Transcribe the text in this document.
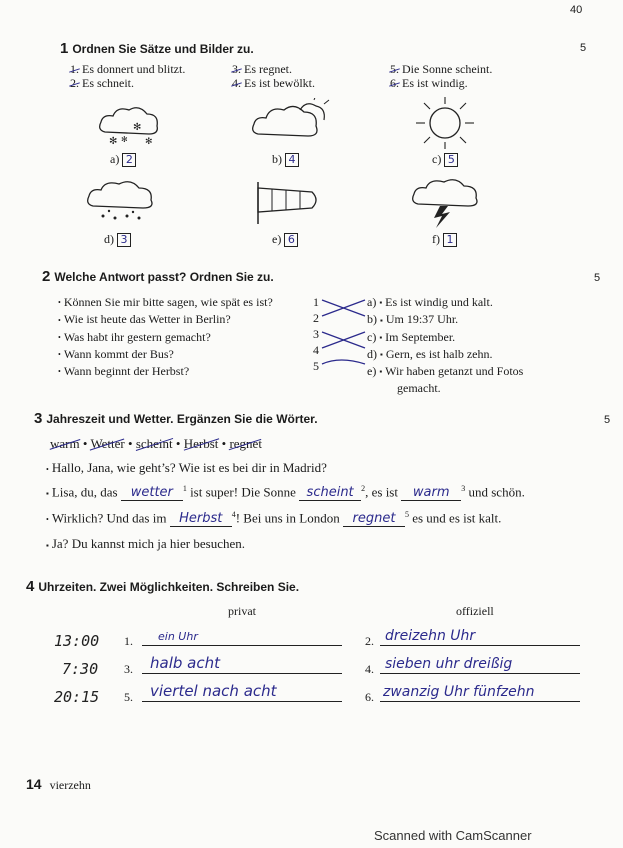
40
1 Ordnen Sie Sätze und Bilder zu.	5
1. Es donnert und blitzt.
2. Es schneit.
3. Es regnet.
4. Es ist bewölkt.
5. Die Sonne scheint.
6. Es ist windig.
✻
✻
✻
✻
a) 2	b) 4	c) 5
d) 3	e) 6	f) 1
2 Welche Antwort passt? Ordnen Sie zu.	5
• Können Sie mir bitte sagen, wie spät es ist?
• Wie ist heute das Wetter in Berlin?
• Was habt ihr gestern gemacht?
• Wann kommt der Bus?
• Wann beginnt der Herbst?
1
2
3
4
5
a) ▪ Es ist windig und kalt.
b) ▪ Um 19:37 Uhr.
c) ▪ Im September.
d) ▪ Gern, es ist halb zehn.
e) ▪ Wir haben getanzt und Fotos
gemacht.
3 Jahreszeit und Wetter. Ergänzen Sie die Wörter.	5
warm • Wetter • scheint • Herbst • regnet
• Hallo, Jana, wie geht’s? Wie ist es bei dir in Madrid?
▪ Lisa, du, das wetter $^1$ ist super! Die Sonne scheint $^2$, es ist warm $^3$ und schön.
• Wirklich? Und das im Herbst $^4$! Bei uns in London regnet $^5$ es und es ist kalt.
▪ Ja? Du kannst mich ja hier besuchen.
4 Uhrzeiten. Zwei Möglichkeiten. Schreiben Sie.
privat	offiziell
13:00 1. ein Uhr	2. dreizehn Uhr
7:30 3. halb acht	4. sieben uhr dreißig
20:15 5. viertel nach acht	6. zwanzig Uhr fünfzehn
14 vierzehn
Scanned with CamScanner
